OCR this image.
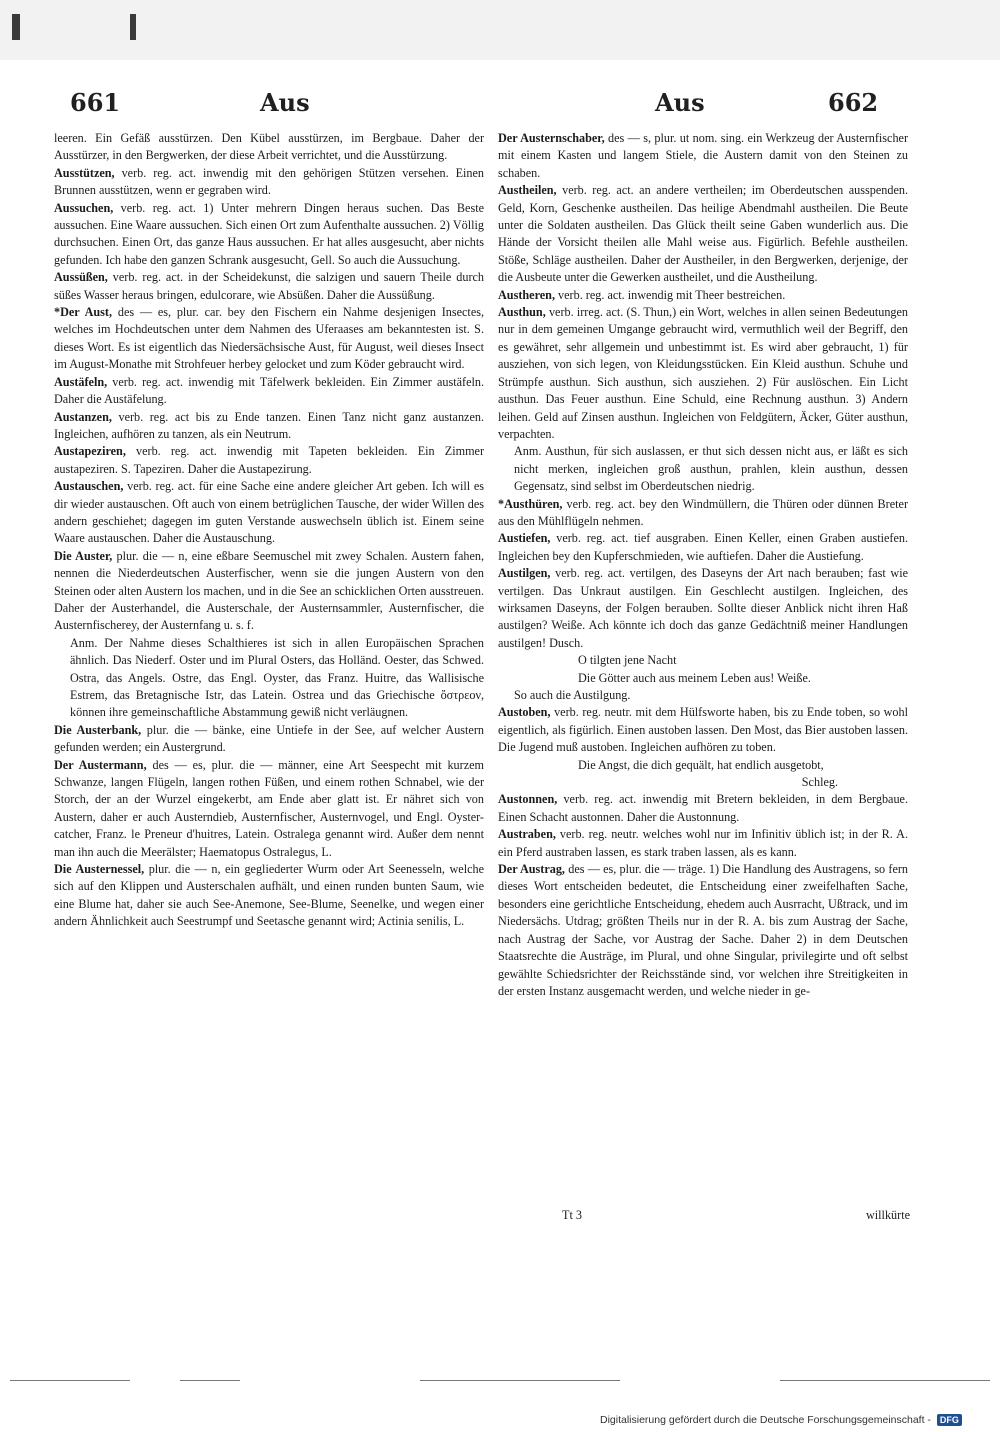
661	Aus	Aus	662

leeren. Ein Gefäß ausstürzen. Den Kübel ausstürzen, im Bergbaue. Daher der Ausstürzer, in den Bergwerken, der diese Arbeit verrichtet, und die Ausstürzung.

Ausstützen, verb. reg. act. inwendig mit den gehörigen Stützen versehen. Einen Brunnen ausstützen, wenn er gegraben wird.

Aussuchen, verb. reg. act. 1) Unter mehrern Dingen heraus suchen. Das Beste aussuchen. Eine Waare aussuchen. Sich einen Ort zum Aufenthalte aussuchen. 2) Völlig durchsuchen. Einen Ort, das ganze Haus aussuchen. Er hat alles ausgesucht, aber nichts gefunden. Ich habe den ganzen Schrank ausgesucht, Gell. So auch die Aussuchung.

Aussüßen, verb. reg. act. in der Scheidekunst, die salzigen und sauern Theile durch süßes Wasser heraus bringen, edulcorare, wie Absüßen. Daher die Aussüßung.

*Der Aust, des — es, plur. car. bey den Fischern ein Nahme desjenigen Insectes, welches im Hochdeutschen unter dem Nahmen des Uferaases am bekanntesten ist. S. dieses Wort. Es ist eigentlich das Niedersächsische Aust, für August, weil dieses Insect im August-Monathe mit Strohfeuer herbey gelocket und zum Köder gebraucht wird.

Austäfeln, verb. reg. act. inwendig mit Täfelwerk bekleiden. Ein Zimmer austäfeln. Daher die Austäfelung.

Austanzen, verb. reg. act bis zu Ende tanzen. Einen Tanz nicht ganz austanzen. Ingleichen, aufhören zu tanzen, als ein Neutrum.

Austapeziren, verb. reg. act. inwendig mit Tapeten bekleiden. Ein Zimmer austapeziren. S. Tapeziren. Daher die Austapezirung.

Austauschen, verb. reg. act. für eine Sache eine andere gleicher Art geben. Ich will es dir wieder austauschen. Oft auch von einem betrüglichen Tausche, der wider Willen des andern geschiehet; dagegen im guten Verstande auswechseln üblich ist. Einem seine Waare austauschen. Daher die Austauschung.

Die Auster, plur. die — n, eine eßbare Seemuschel mit zwey Schalen. Austern fahen, nennen die Niederdeutschen Austerfischer, wenn sie die jungen Austern von den Steinen oder alten Austern los machen, und in die See an schicklichen Orten ausstreuen. Daher der Austerhandel, die Austerschale, der Austernsammler, Austernfischer, die Austernfischerey, der Austernfang u. s. f.

Anm. Der Nahme dieses Schalthieres ist sich in allen Europäischen Sprachen ähnlich. Das Niederf. Oster und im Plural Osters, das Holländ. Oester, das Schwed. Ostra, das Angels. Ostre, das Engl. Oyster, das Franz. Huitre, das Wallisische Estrem, das Bretagnische Istr, das Latein. Ostrea und das Griechische ὄστρεον, können ihre gemeinschaftliche Abstammung gewiß nicht verläugnen.

Die Austerbank, plur. die — bänke, eine Untiefe in der See, auf welcher Austern gefunden werden; ein Austergrund.

Der Austermann, des — es, plur. die — männer, eine Art Seespecht mit kurzem Schwanze, langen Flügeln, langen rothen Füßen, und einem rothen Schnabel, wie der Storch, der an der Wurzel eingekerbt, am Ende aber glatt ist. Er nähret sich von Austern, daher er auch Austerndieb, Austernfischer, Austernvogel, und Engl. Oyster-catcher, Franz. le Preneur d'huitres, Latein. Ostralega genannt wird. Außer dem nennt man ihn auch die Meerälster; Haematopus Ostralegus, L.

Die Austernessel, plur. die — n, ein gegliederter Wurm oder Art Seenesseln, welche sich auf den Klippen und Austerschalen aufhält, und einen runden bunten Saum, wie eine Blume hat, daher sie auch See-Anemone, See-Blume, Seenelke, und wegen einer andern Ähnlichkeit auch Seestrumpf und Seetasche genannt wird; Actinia senilis, L.

Der Austernschaber, des — s, plur. ut nom. sing. ein Werkzeug der Austernfischer mit einem Kasten und langem Stiele, die Austern damit von den Steinen zu schaben.

Austheilen, verb. reg. act. an andere vertheilen; im Oberdeutschen ausspenden. Geld, Korn, Geschenke austheilen. Das heilige Abendmahl austheilen. Die Beute unter die Soldaten austheilen. Das Glück theilt seine Gaben wunderlich aus. Die Hände der Vorsicht theilen alle Mahl weise aus. Figürlich. Befehle austheilen. Stöße, Schläge austheilen. Daher der Austheiler, in den Bergwerken, derjenige, der die Ausbeute unter die Gewerken austheilet, und die Austheilung.

Austheren, verb. reg. act. inwendig mit Theer bestreichen.

Austhun, verb. irreg. act. (S. Thun,) ein Wort, welches in allen seinen Bedeutungen nur in dem gemeinen Umgange gebraucht wird, vermuthlich weil der Begriff, den es gewähret, sehr allgemein und unbestimmt ist. Es wird aber gebraucht, 1) für ausziehen, von sich legen, von Kleidungsstücken. Ein Kleid austhun. Schuhe und Strümpfe austhun. Sich austhun, sich ausziehen. 2) Für auslöschen. Ein Licht austhun. Das Feuer austhun. Eine Schuld, eine Rechnung austhun. 3) Andern leihen. Geld auf Zinsen austhun. Ingleichen von Feldgütern, Äcker, Güter austhun, verpachten.

Anm. Austhun, für sich auslassen, er thut sich dessen nicht aus, er läßt es sich nicht merken, ingleichen groß austhun, prahlen, klein austhun, dessen Gegensatz, sind selbst im Oberdeutschen niedrig.

*Austhüren, verb. reg. act. bey den Windmüllern, die Thüren oder dünnen Breter aus den Mühlflügeln nehmen.

Austiefen, verb. reg. act. tief ausgraben. Einen Keller, einen Graben austiefen. Ingleichen bey den Kupferschmieden, wie auftiefen. Daher die Austiefung.

Austilgen, verb. reg. act. vertilgen, des Daseyns der Art nach berauben; fast wie vertilgen. Das Unkraut austilgen. Ein Geschlecht austilgen. Ingleichen, des wirksamen Daseyns, der Folgen berauben. Sollte dieser Anblick nicht ihren Haß austilgen? Weiße. Ach könnte ich doch das ganze Gedächtniß meiner Handlungen austilgen! Dusch.

O tilgten jene Nacht

Die Götter auch aus meinem Leben aus! Weiße.

So auch die Austilgung.

Austoben, verb. reg. neutr. mit dem Hülfsworte haben, bis zu Ende toben, so wohl eigentlich, als figürlich. Einen austoben lassen. Den Most, das Bier austoben lassen. Die Jugend muß austoben. Ingleichen aufhören zu toben.

Die Angst, die dich gequält, hat endlich ausgetobt,

Schleg.

Austonnen, verb. reg. act. inwendig mit Bretern bekleiden, in dem Bergbaue. Einen Schacht austonnen. Daher die Austonnung.

Austraben, verb. reg. neutr. welches wohl nur im Infinitiv üblich ist; in der R. A. ein Pferd austraben lassen, es stark traben lassen, als es kann.

Der Austrag, des — es, plur. die — träge. 1) Die Handlung des Austragens, so fern dieses Wort entscheiden bedeutet, die Entscheidung einer zweifelhaften Sache, besonders eine gerichtliche Entscheidung, ehedem auch Ausrracht, Ußtrack, und im Niedersächs. Utdrag; größten Theils nur in der R. A. bis zum Austrag der Sache, nach Austrag der Sache, vor Austrag der Sache. Daher 2) in dem Deutschen Staatsrechte die Austräge, im Plural, und ohne Singular, privilegirte und oft selbst gewählte Schiedsrichter der Reichsstände sind, vor welchen ihre Streitigkeiten in der ersten Instanz ausgemacht werden, und welche nieder in ge-

Tt 3	willkürte
Digitalisierung gefördert durch die Deutsche Forschungsgemeinschaft -	DFG
